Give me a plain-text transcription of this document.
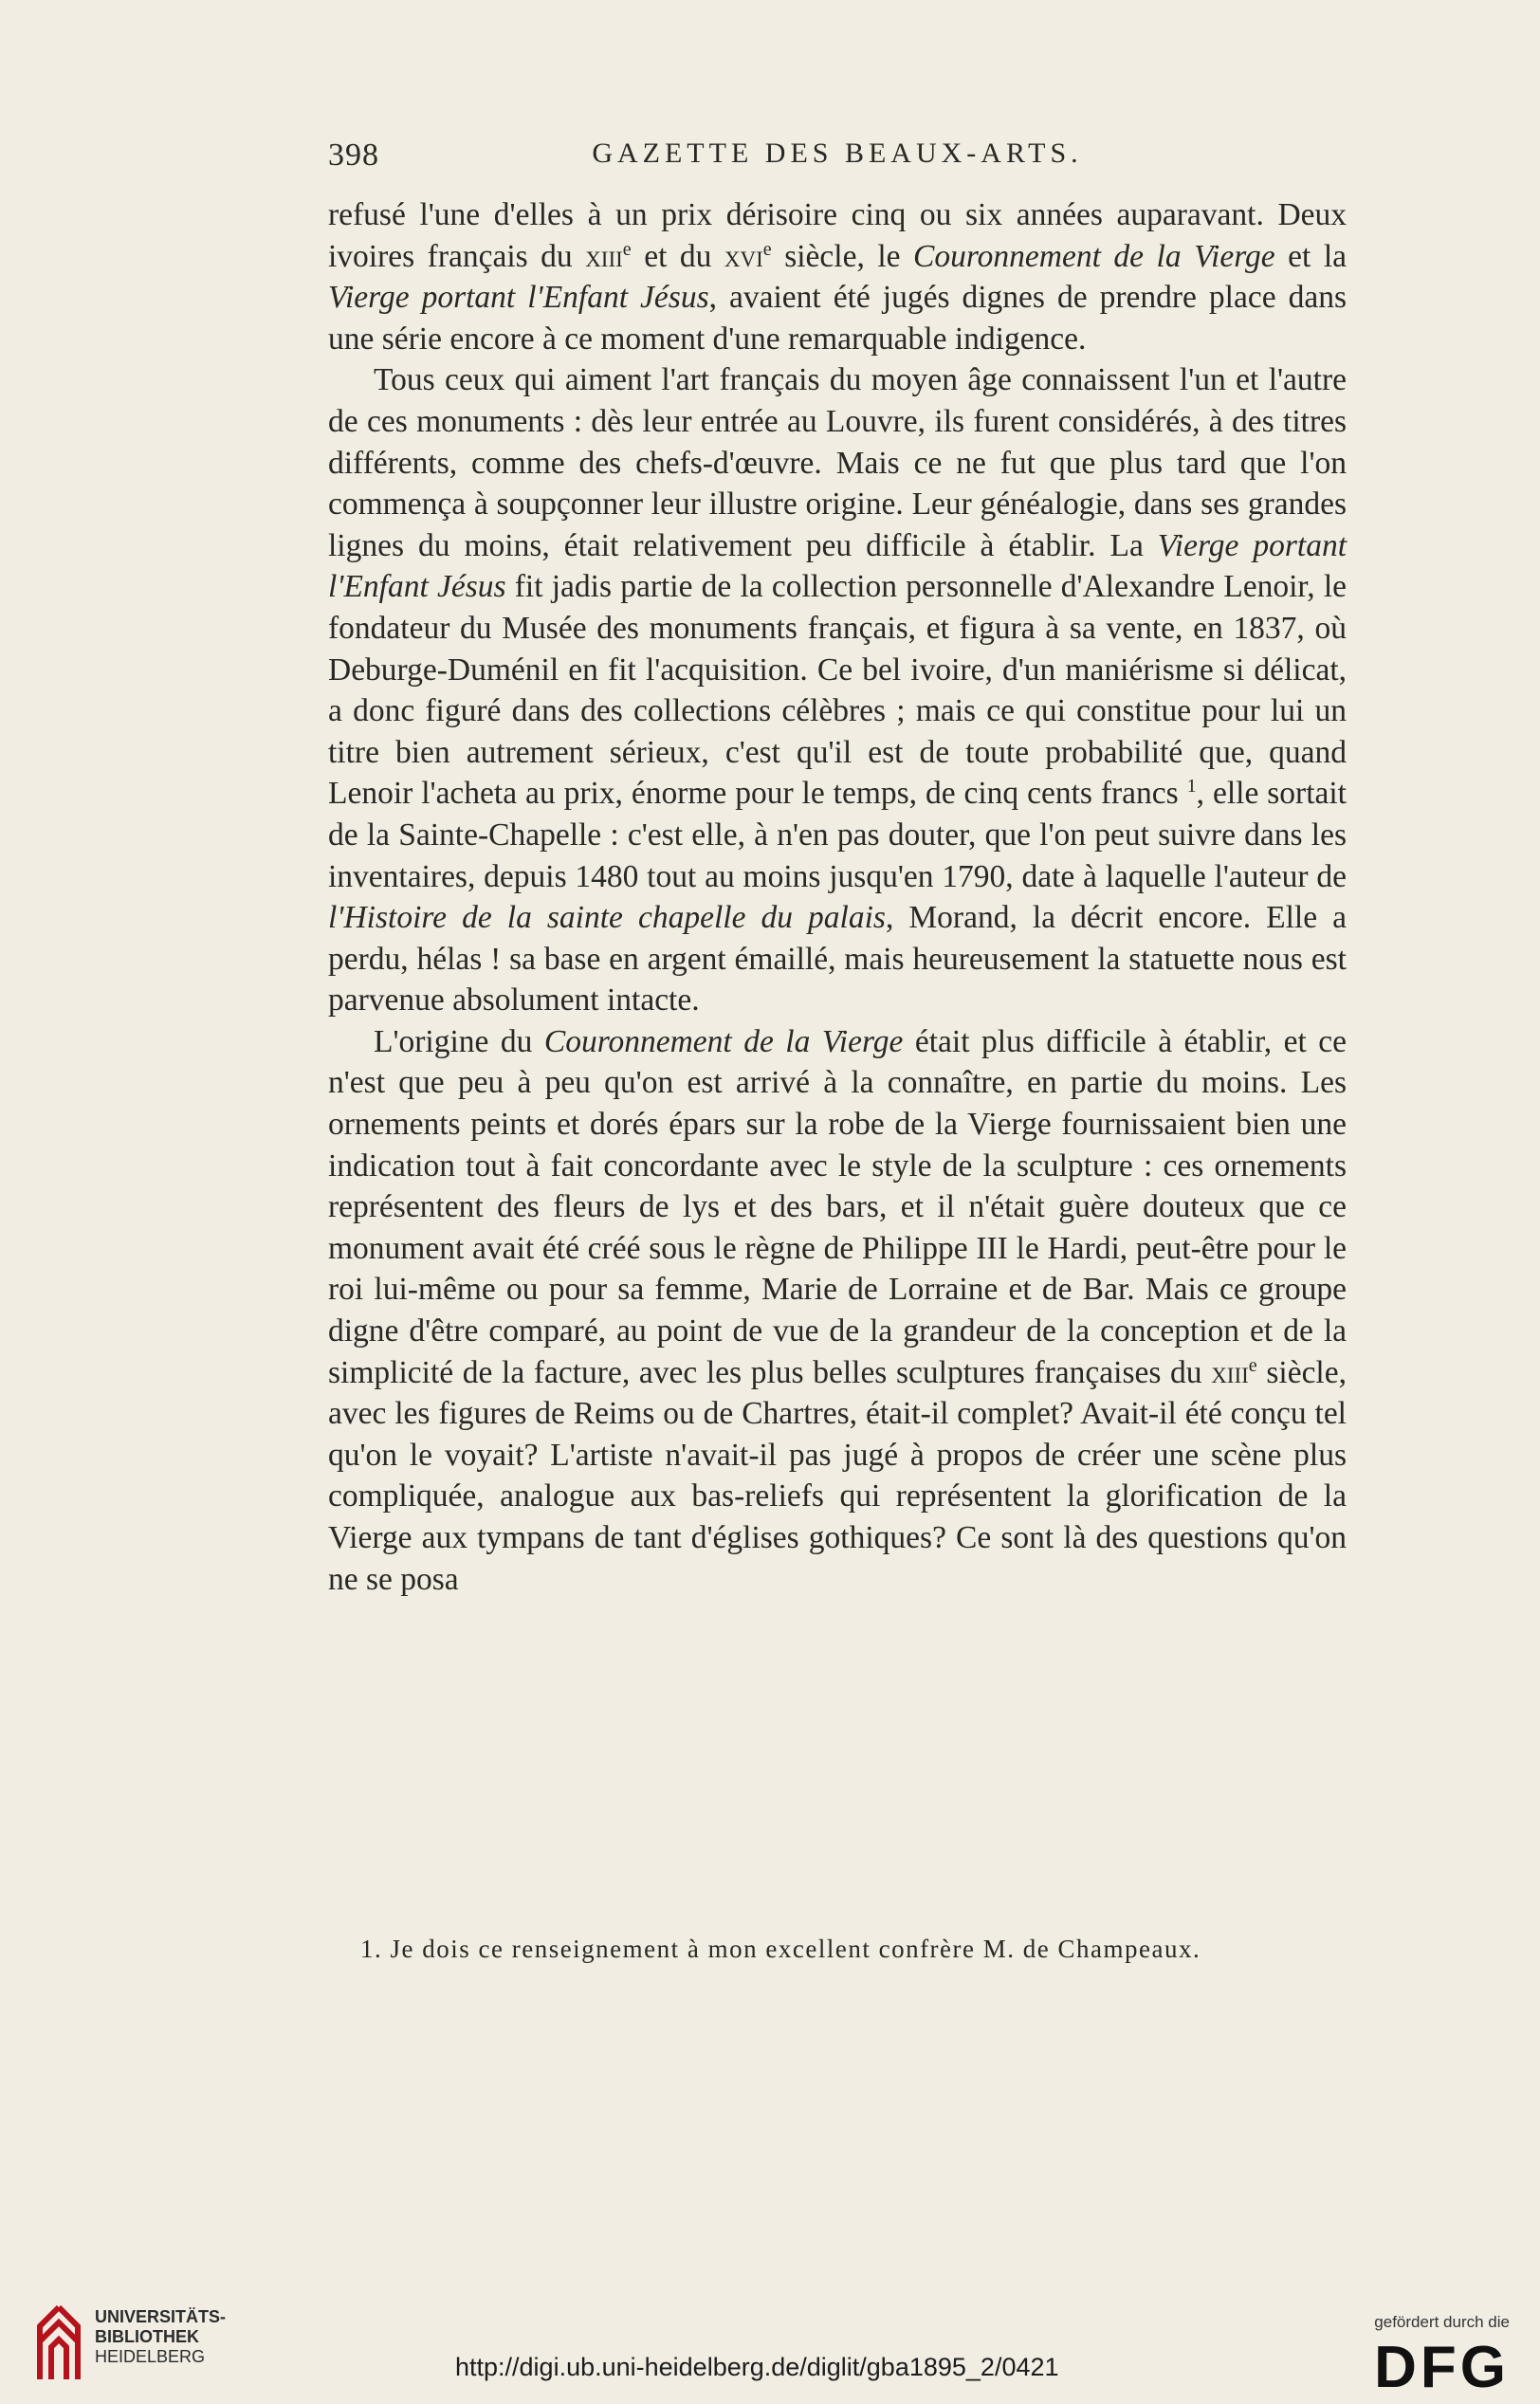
398	GAZETTE DES BEAUX-ARTS.

refusé l'une d'elles à un prix dérisoire cinq ou six années auparavant. Deux ivoires français du xiii$^e$ et du xvi$^e$ siècle, le Couronnement de la Vierge et la Vierge portant l'Enfant Jésus, avaient été jugés dignes de prendre place dans une série encore à ce moment d'une remarquable indigence.

Tous ceux qui aiment l'art français du moyen âge connaissent l'un et l'autre de ces monuments : dès leur entrée au Louvre, ils furent considérés, à des titres différents, comme des chefs-d'œuvre. Mais ce ne fut que plus tard que l'on commença à soupçonner leur illustre origine. Leur généalogie, dans ses grandes lignes du moins, était relativement peu difficile à établir. La Vierge portant l'Enfant Jésus fit jadis partie de la collection personnelle d'Alexandre Lenoir, le fondateur du Musée des monuments français, et figura à sa vente, en 1837, où Deburge-Duménil en fit l'acquisition. Ce bel ivoire, d'un maniérisme si délicat, a donc figuré dans des collections célèbres ; mais ce qui constitue pour lui un titre bien autrement sérieux, c'est qu'il est de toute probabilité que, quand Lenoir l'acheta au prix, énorme pour le temps, de cinq cents francs $^1$, elle sortait de la Sainte-Chapelle : c'est elle, à n'en pas douter, que l'on peut suivre dans les inventaires, depuis 1480 tout au moins jusqu'en 1790, date à laquelle l'auteur de l'Histoire de la sainte chapelle du palais, Morand, la décrit encore. Elle a perdu, hélas ! sa base en argent émaillé, mais heureusement la statuette nous est parvenue absolument intacte.

L'origine du Couronnement de la Vierge était plus difficile à établir, et ce n'est que peu à peu qu'on est arrivé à la connaître, en partie du moins. Les ornements peints et dorés épars sur la robe de la Vierge fournissaient bien une indication tout à fait concordante avec le style de la sculpture : ces ornements représentent des fleurs de lys et des bars, et il n'était guère douteux que ce monument avait été créé sous le règne de Philippe III le Hardi, peut-être pour le roi lui-même ou pour sa femme, Marie de Lorraine et de Bar. Mais ce groupe digne d'être comparé, au point de vue de la grandeur de la conception et de la simplicité de la facture, avec les plus belles sculptures françaises du xiii$^e$ siècle, avec les figures de Reims ou de Chartres, était-il complet? Avait-il été conçu tel qu'on le voyait? L'artiste n'avait-il pas jugé à propos de créer une scène plus compliquée, analogue aux bas-reliefs qui représentent la glorification de la Vierge aux tympans de tant d'églises gothiques? Ce sont là des questions qu'on ne se posa

1. Je dois ce renseignement à mon excellent confrère M. de Champeaux.
UNIVERSITÄTS-
BIBLIOTHEK
HEIDELBERG	http://digi.ub.uni-heidelberg.de/diglit/gba1895_2/0421
gefördert durch die
DFG
